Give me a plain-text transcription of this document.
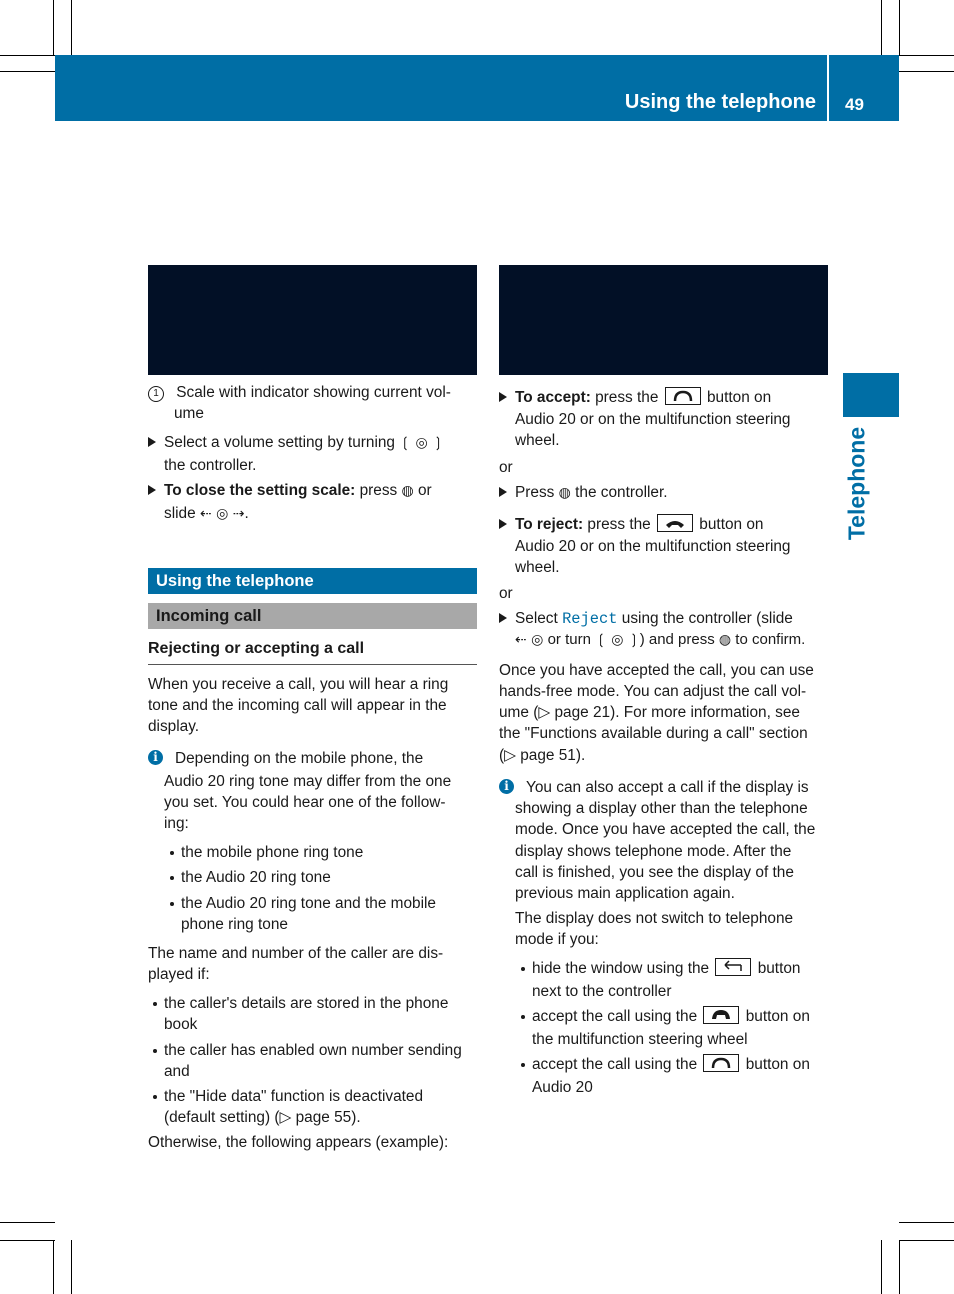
Using the telephone 49
Telephone
1 Scale with indicator showing current vol-
ume
Select a volume setting by turning ❲ ◎ ❳
the controller.
To close the setting scale: press ◍ or
slide ⇠ ◎ ⇢.
Using the telephone
Incoming call
Rejecting or accepting a call
When you receive a call, you will hear a ring
tone and the incoming call will appear in the
display.
i	Depending on the mobile phone, the
Audio 20 ring tone may differ from the one
you set. You could hear one of the follow-
ing:
the mobile phone ring tone
the Audio 20 ring tone
the Audio 20 ring tone and the mobile
phone ring tone
The name and number of the caller are dis-
played if:
the caller's details are stored in the phone
book
the caller has enabled own number sending
and
the "Hide data" function is deactivated
(default setting) (▷ page 55).
Otherwise, the following appears (example):
To accept: press the	button on
Audio 20 or on the multifunction steering
wheel.
or
Press ◍ the controller.
To reject: press the	button on
Audio 20 or on the multifunction steering
wheel.
or
Select Reject using the controller (slide
⇠ ◎ or turn ❲ ◎ ❳) and press ◍ to confirm.
Once you have accepted the call, you can use
hands-free mode. You can adjust the call vol-
ume (▷ page 21). For more information, see
the "Functions available during a call" section
(▷ page 51).
i	You can also accept a call if the display is
showing a display other than the telephone
mode. Once you have accepted the call, the
display shows telephone mode. After the
call is finished, you see the display of the
previous main application again.
The display does not switch to telephone
mode if you:
hide the window using the	button
next to the controller
accept the call using the	button on
the multifunction steering wheel
accept the call using the	button on
Audio 20
